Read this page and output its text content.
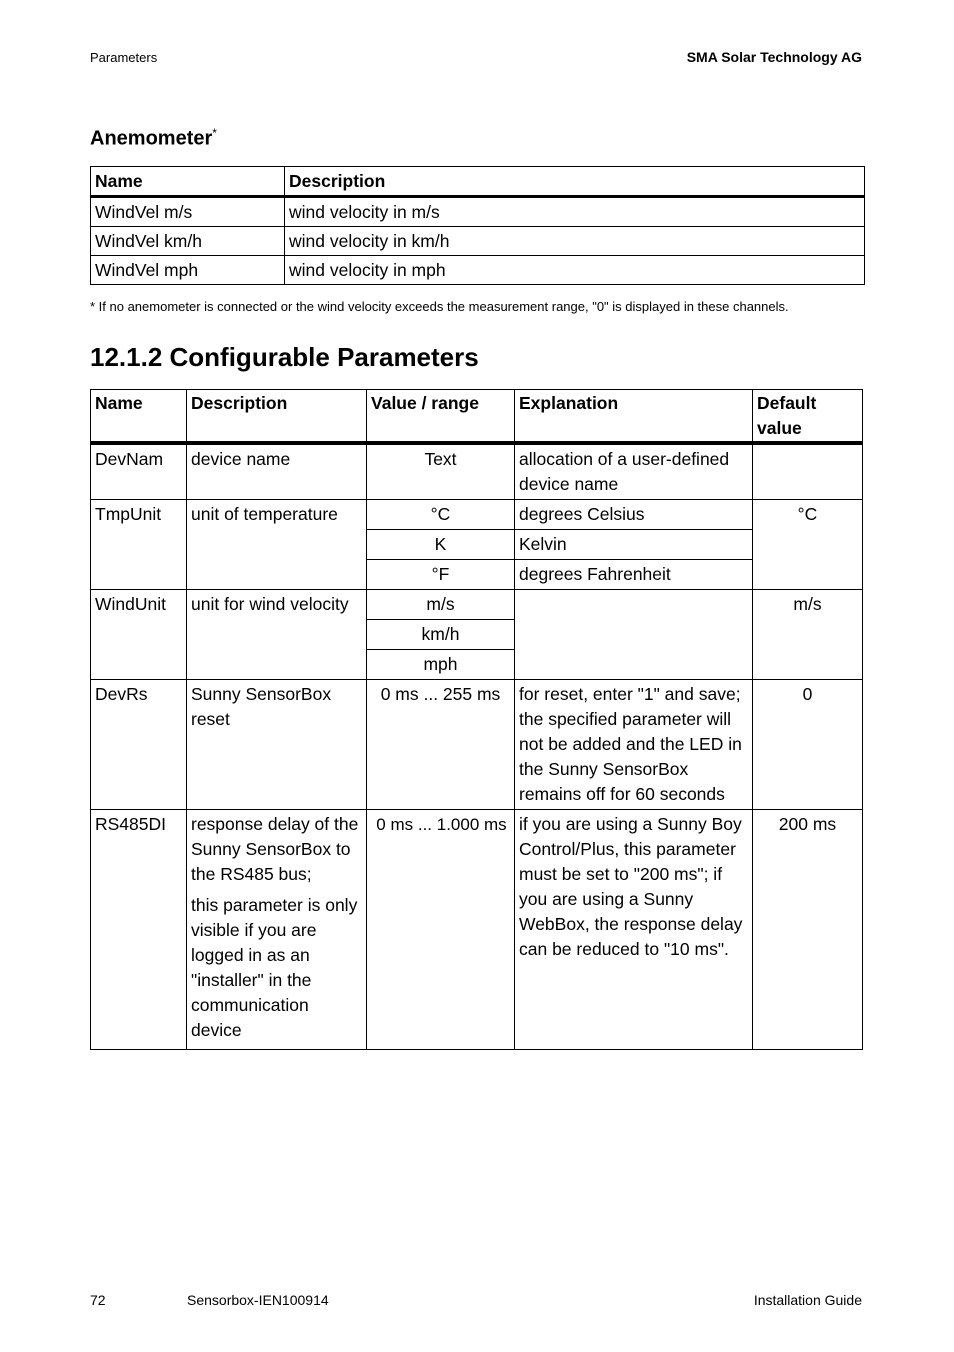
Parameters	SMA Solar Technology AG
Anemometer*
Name	Description
WindVel m/s	wind velocity in m/s
WindVel km/h	wind velocity in km/h
WindVel mph	wind velocity in mph
* If no anemometer is connected or the wind velocity exceeds the measurement range, "0" is displayed in these channels.
12.1.2 Configurable Parameters
Name	Description	Value / range	Explanation	Default value
DevNam	device name	Text	allocation of a user-defined device name	
TmpUnit	unit of temperature	°C	degrees Celsius	°C
		K	Kelvin	
		°F	degrees Fahrenheit	
WindUnit	unit for wind velocity	m/s		m/s
		km/h		
		mph		
DevRs	Sunny SensorBox reset	0 ms ... 255 ms	for reset, enter "1" and save; the specified parameter will not be added and the LED in the Sunny SensorBox remains off for 60 seconds	0
RS485DI	response delay of the Sunny SensorBox to the RS485 bus;
this parameter is only visible if you are logged in as an "installer" in the communication device	0 ms ... 1.000 ms	if you are using a Sunny Boy Control/Plus, this parameter must be set to "200 ms"; if you are using a Sunny WebBox, the response delay can be reduced to "10 ms".	200 ms
72	Sensorbox-IEN100914	Installation Guide
